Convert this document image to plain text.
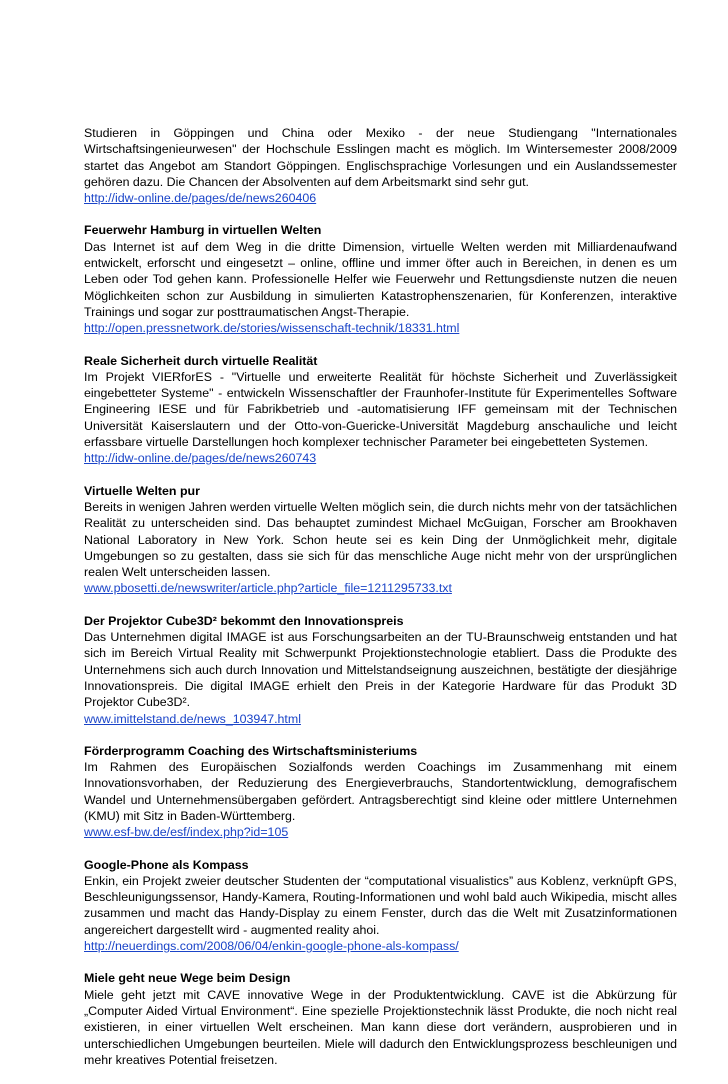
Studieren in Göppingen und China oder Mexiko - der neue Studiengang "Internationales Wirtschaftsingenieurwesen" der Hochschule Esslingen macht es möglich. Im Wintersemester 2008/2009 startet das Angebot am Standort Göppingen. Englischsprachige Vorlesungen und ein Auslandssemester gehören dazu. Die Chancen der Absolventen auf dem Arbeitsmarkt sind sehr gut.
http://idw-online.de/pages/de/news260406
Feuerwehr Hamburg in virtuellen Welten
Das Internet ist auf dem Weg in die dritte Dimension, virtuelle Welten werden mit Milliardenaufwand entwickelt, erforscht und eingesetzt – online, offline und immer öfter auch in Bereichen, in denen es um Leben oder Tod gehen kann. Professionelle Helfer wie Feuerwehr und Rettungsdienste nutzen die neuen Möglichkeiten schon zur Ausbildung in simulierten Katastrophenszenarien, für Konferenzen, interaktive Trainings und sogar zur posttraumatischen Angst-Therapie.
http://open.pressnetwork.de/stories/wissenschaft-technik/18331.html
Reale Sicherheit durch virtuelle Realität
Im Projekt VIERforES - "Virtuelle und erweiterte Realität für höchste Sicherheit und Zuverlässigkeit eingebetteter Systeme" - entwickeln Wissenschaftler der Fraunhofer-Institute für Experimentelles Software Engineering IESE und für Fabrikbetrieb und -automatisierung IFF gemeinsam mit der Technischen Universität Kaiserslautern und der Otto-von-Guericke-Universität Magdeburg anschauliche und leicht erfassbare virtuelle Darstellungen hoch komplexer technischer Parameter bei eingebetteten Systemen.
http://idw-online.de/pages/de/news260743
Virtuelle Welten pur
Bereits in wenigen Jahren werden virtuelle Welten möglich sein, die durch nichts mehr von der tatsächlichen Realität zu unterscheiden sind. Das behauptet zumindest Michael McGuigan, Forscher am Brookhaven National Laboratory in New York. Schon heute sei es kein Ding der Unmöglichkeit mehr, digitale Umgebungen so zu gestalten, dass sie sich für das menschliche Auge nicht mehr von der ursprünglichen realen Welt unterscheiden lassen.
www.pbosetti.de/newswriter/article.php?article_file=1211295733.txt
Der Projektor Cube3D² bekommt den Innovationspreis
Das Unternehmen digital IMAGE ist aus Forschungsarbeiten an der TU-Braunschweig entstanden und hat sich im Bereich Virtual Reality mit Schwerpunkt Projektionstechnologie etabliert. Dass die Produkte des Unternehmens sich auch durch Innovation und Mittelstandseignung auszeichnen, bestätigte der diesjährige Innovationspreis. Die digital IMAGE erhielt den Preis in der Kategorie Hardware für das Produkt 3D Projektor Cube3D².
www.imittelstand.de/news_103947.html
Förderprogramm Coaching des Wirtschaftsministeriums
Im Rahmen des Europäischen Sozialfonds werden Coachings im Zusammenhang mit einem Innovationsvorhaben, der Reduzierung des Energieverbrauchs, Standortentwicklung, demografischem Wandel und Unternehmensübergaben gefördert. Antragsberechtigt sind kleine oder mittlere Unternehmen (KMU) mit Sitz in Baden-Württemberg.
www.esf-bw.de/esf/index.php?id=105
Google-Phone als Kompass
Enkin, ein Projekt zweier deutscher Studenten der “computational visualistics” aus Koblenz, verknüpft GPS, Beschleunigungssensor, Handy-Kamera, Routing-Informationen und wohl bald auch Wikipedia, mischt alles zusammen und macht das Handy-Display zu einem Fenster, durch das die Welt mit Zusatzinformationen angereichert dargestellt wird - augmented reality ahoi.
http://neuerdings.com/2008/06/04/enkin-google-phone-als-kompass/
Miele geht neue Wege beim Design
Miele geht jetzt mit CAVE innovative Wege in der Produktentwicklung. CAVE ist die Abkürzung für „Computer Aided Virtual Environment“. Eine spezielle Projektionstechnik lässt Produkte, die noch nicht real existieren, in einer virtuellen Welt erscheinen. Man kann diese dort verändern, ausprobieren und in unterschiedlichen Umgebungen beurteilen. Miele will dadurch den Entwicklungsprozess beschleunigen und mehr kreatives Potential freisetzen.
